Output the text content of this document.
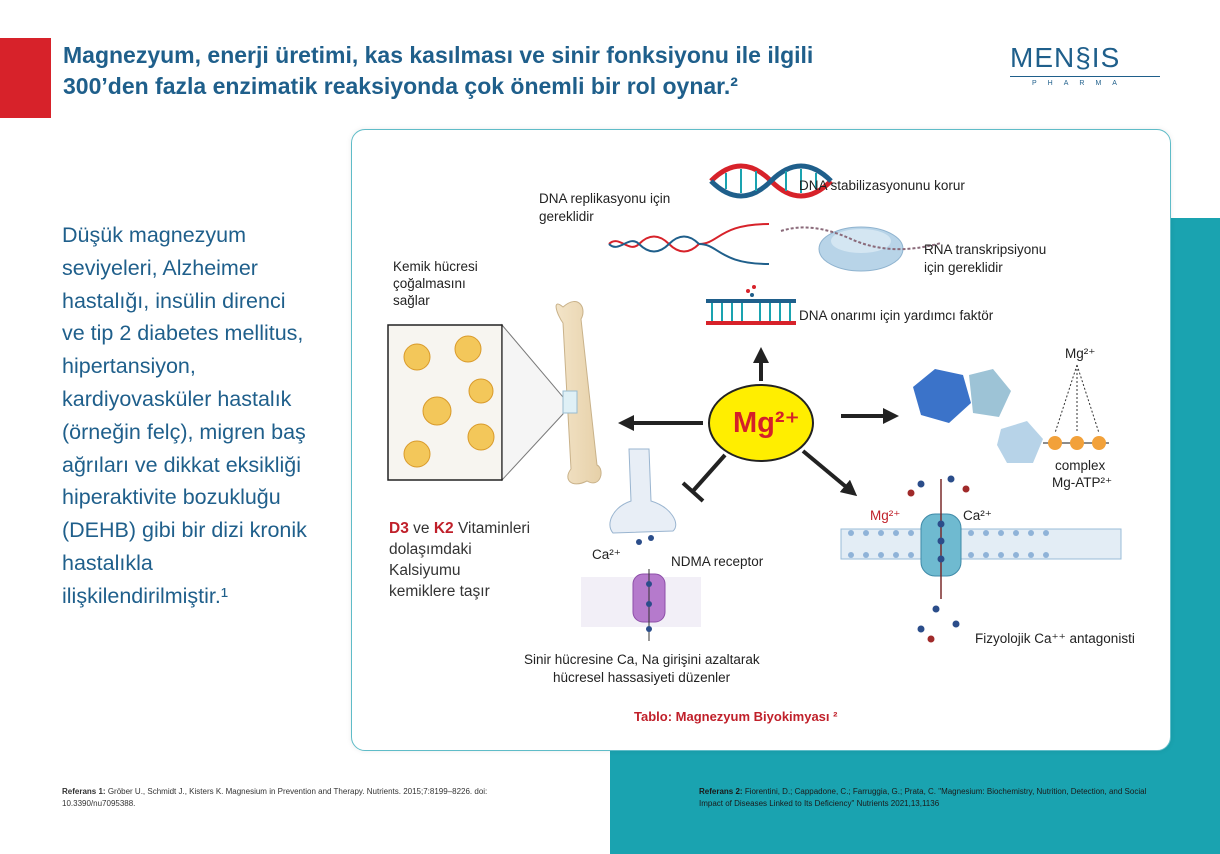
Magnezyum, enerji üretimi, kas kasılması ve sinir fonksiyonu ile ilgili
300’den fazla enzimatik reaksiyonda çok önemli bir rol oynar.²
MEN§IS
PHARMA
Düşük magnezyum seviyeleri, Alzheimer hastalığı, insülin direnci ve tip 2 diabetes mellitus, hipertansiyon, kardiyovasküler hastalık (örneğin felç), migren baş ağrıları ve dikkat eksikliği hiperaktivite bozukluğu (DEHB) gibi bir dizi kronik hastalıkla ilişkilendirilmiştir.¹
DNA replikasyonu için
gereklidir
DNA stabilizasyonunu korur
RNA transkripsiyonu
için gereklidir
DNA onarımı için yardımcı faktör
Kemik hücresi
çoğalmasını
sağlar
Mg²⁺
complex
Mg-ATP²⁺
Mg²⁺	Ca²⁺
Fizyolojik Ca⁺⁺ antagonisti
Ca²⁺	NDMA receptor
Sinir hücresine Ca, Na girişini azaltarak
hücresel hassasiyeti düzenler
Mg²⁺
D3 ve K2 Vitaminleri
dolaşımdaki
Kalsiyumu
kemiklere taşır
Tablo: Magnezyum Biyokimyası ²
Referans 1: Gröber U., Schmidt J., Kisters K. Magnesium in Prevention and Therapy. Nutrients. 2015;7:8199–8226. doi: 10.3390/nu7095388.
Referans 2: Fiorentini, D.; Cappadone, C.; Farruggia, G.; Prata, C. "Magnesium: Biochemistry, Nutrition, Detection, and Social Impact of Diseases Linked to Its Deficiency" Nutrients 2021,13,1136
